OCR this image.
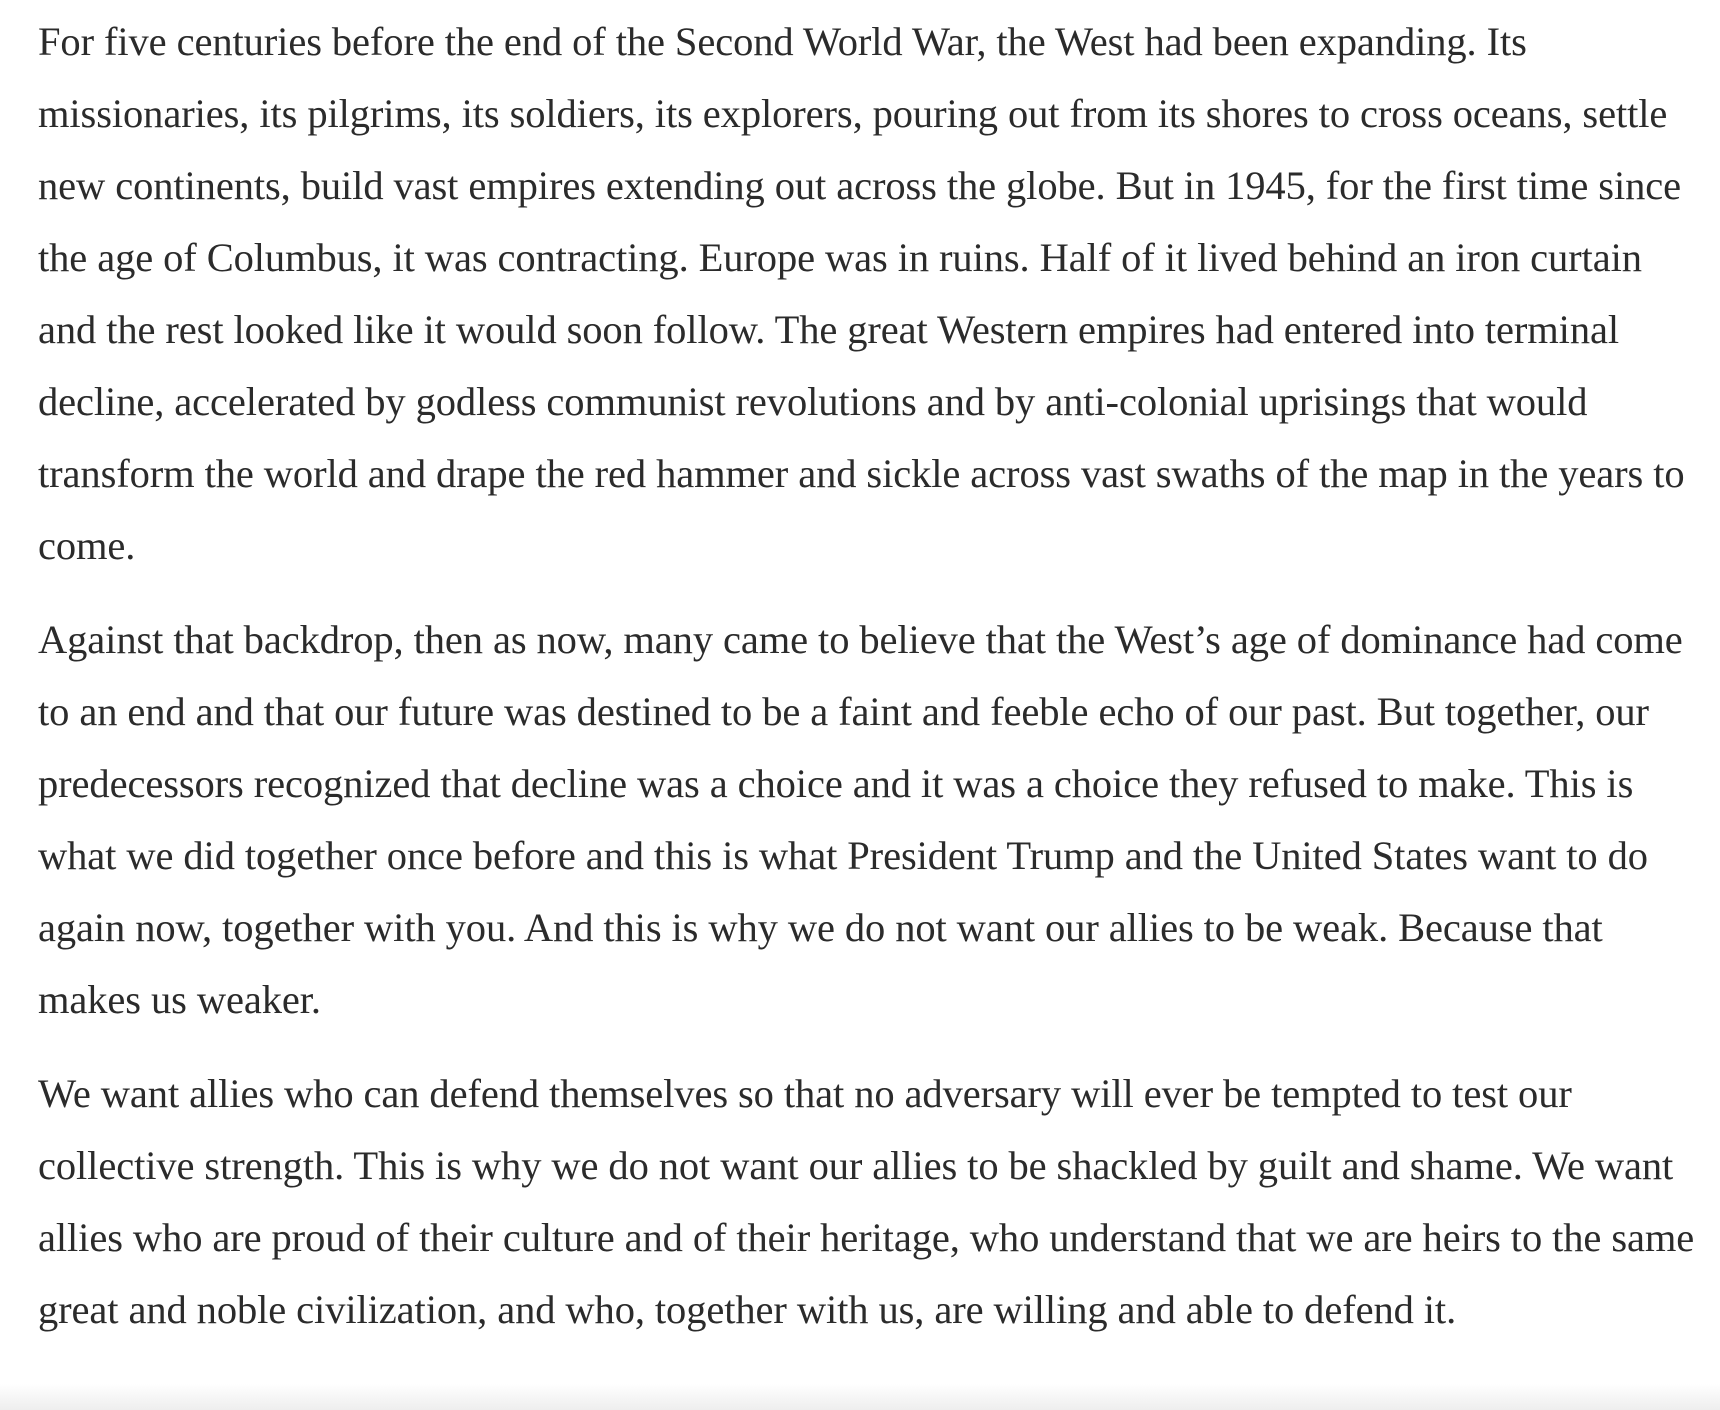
For five centuries before the end of the Second World War, the West had been expanding. Its missionaries, its pilgrims, its soldiers, its explorers, pouring out from its shores to cross oceans, settle new continents, build vast empires extending out across the globe. But in 1945, for the first time since the age of Columbus, it was contracting. Europe was in ruins. Half of it lived behind an iron curtain and the rest looked like it would soon follow. The great Western empires had entered into terminal decline, accelerated by godless communist revolutions and by anti-colonial uprisings that would transform the world and drape the red hammer and sickle across vast swaths of the map in the years to come.

Against that backdrop, then as now, many came to believe that the West’s age of dominance had come to an end and that our future was destined to be a faint and feeble echo of our past. But together, our predecessors recognized that decline was a choice and it was a choice they refused to make. This is what we did together once before and this is what President Trump and the United States want to do again now, together with you. And this is why we do not want our allies to be weak. Because that makes us weaker.

We want allies who can defend themselves so that no adversary will ever be tempted to test our collective strength. This is why we do not want our allies to be shackled by guilt and shame. We want allies who are proud of their culture and of their heritage, who understand that we are heirs to the same great and noble civilization, and who, together with us, are willing and able to defend it.
